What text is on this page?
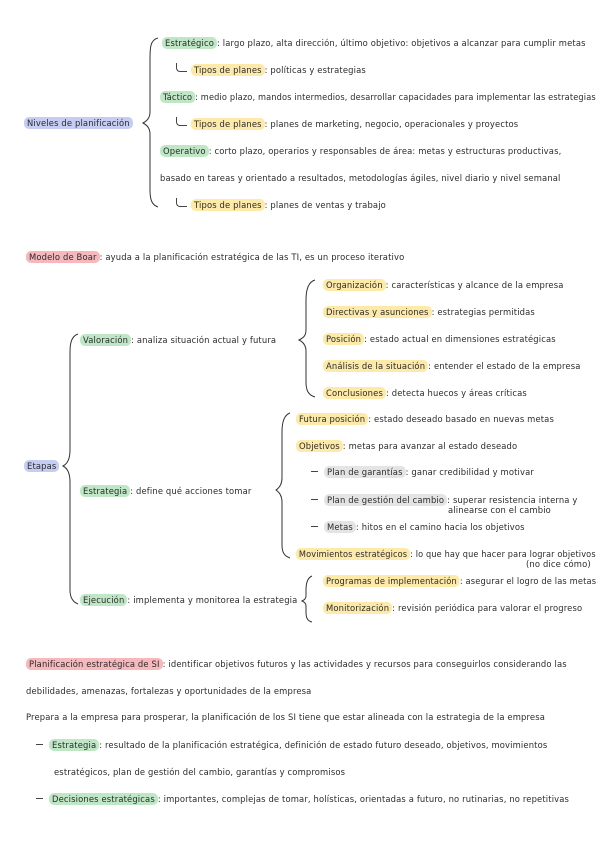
Niveles de planificación
Estratégico : largo plazo, alta dirección, último objetivo: objetivos a alcanzar para cumplir metas
Tipos de planes : políticas y estrategias
Táctico : medio plazo, mandos intermedios, desarrollar capacidades para implementar las estrategias
Tipos de planes : planes de marketing, negocio, operacionales y proyectos
Operativo : corto plazo, operarios y responsables de área: metas y estructuras productivas,
basado en tareas y orientado a resultados, metodologías ágiles, nivel diario y nivel semanal
Tipos de planes : planes de ventas y trabajo
Modelo de Boar : ayuda a la planificación estratégica de las TI, es un proceso iterativo
Etapas
Valoración : analiza situación actual y futura
Organización : características y alcance de la empresa
Directivas y asunciones : estrategias permitidas
Posición : estado actual en dimensiones estratégicas
Análisis de la situación : entender el estado de la empresa
Conclusiones : detecta huecos y áreas críticas
Estrategia : define qué acciones tomar
Futura posición : estado deseado basado en nuevas metas
Objetivos : metas para avanzar al estado deseado
Plan de garantías : ganar credibilidad y motivar
Plan de gestión del cambio : superar resistencia interna y
alinearse con el cambio
Metas : hitos en el camino hacia los objetivos
Movimientos estratégicos : lo que hay que hacer para lograr objetivos
(no dice cómo)
Ejecución : implementa y monitorea la estrategia
Programas de implementación : asegurar el logro de las metas
Monitorización : revisión periódica para valorar el progreso
Planificación estratégica de SI : identificar objetivos futuros y las actividades y recursos para conseguirlos considerando las
debilidades, amenazas, fortalezas y oportunidades de la empresa
Prepara a la empresa para prosperar, la planificación de los SI tiene que estar alineada con la estrategia de la empresa
Estrategia : resultado de la planificación estratégica, definición de estado futuro deseado, objetivos, movimientos
estratégicos, plan de gestión del cambio, garantías y compromisos
Decisiones estratégicas : importantes, complejas de tomar, holísticas, orientadas a futuro, no rutinarias, no repetitivas
